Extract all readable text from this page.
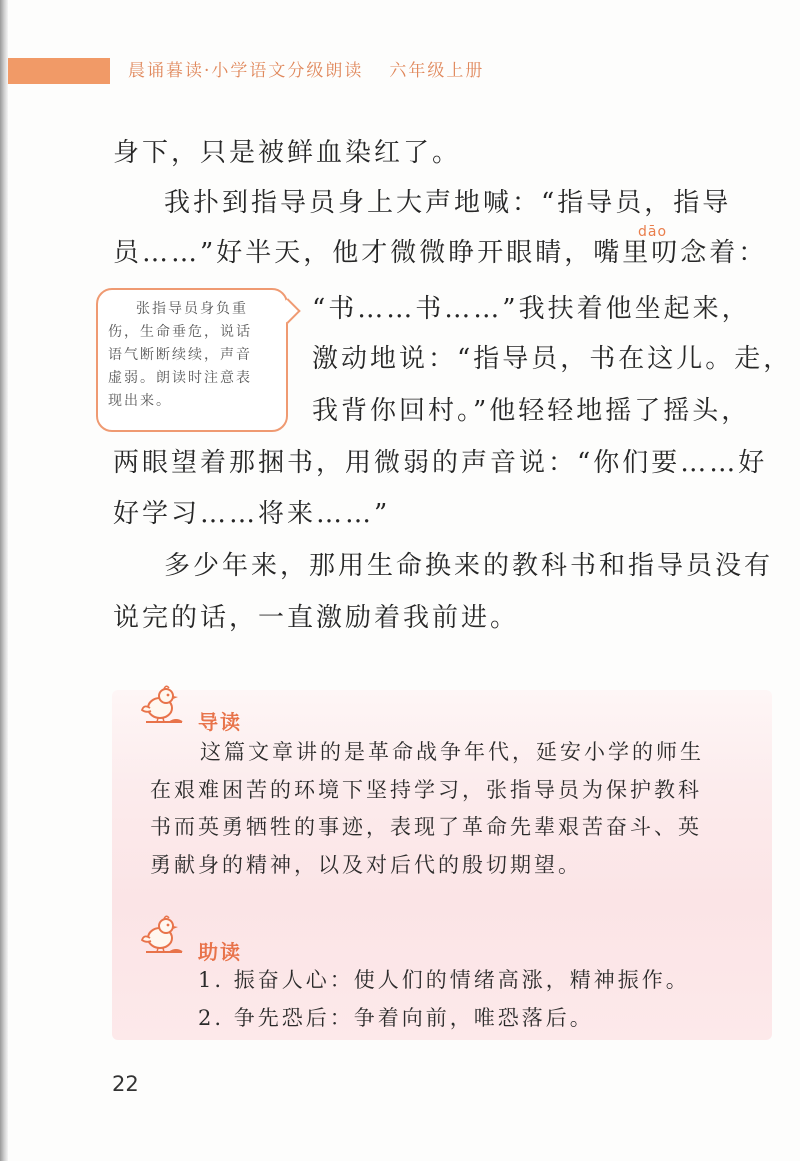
晨诵暮读·小学语文分级朗读 六年级上册
身下，只是被鲜血染红了。
我扑到指导员身上大声地喊：“指导员，指导
dāo
员……”好半天，他才微微睁开眼睛，嘴里叨念着：
“书……书……”我扶着他坐起来，
激动地说：“指导员，书在这儿。走，
我背你回村。”他轻轻地摇了摇头，
两眼望着那捆书，用微弱的声音说：“你们要……好
好学习……将来……”
多少年来，那用生命换来的教科书和指导员没有
说完的话，一直激励着我前进。
张指导员身负重
伤，生命垂危，说话
语气断断续续，声音
虚弱。朗读时注意表
现出来。
导读
这篇文章讲的是革命战争年代，延安小学的师生
在艰难困苦的环境下坚持学习，张指导员为保护教科
书而英勇牺牲的事迹，表现了革命先辈艰苦奋斗、英
勇献身的精神，以及对后代的殷切期望。
助读
1. 振奋人心：使人们的情绪高涨，精神振作。
2. 争先恐后：争着向前，唯恐落后。
22
